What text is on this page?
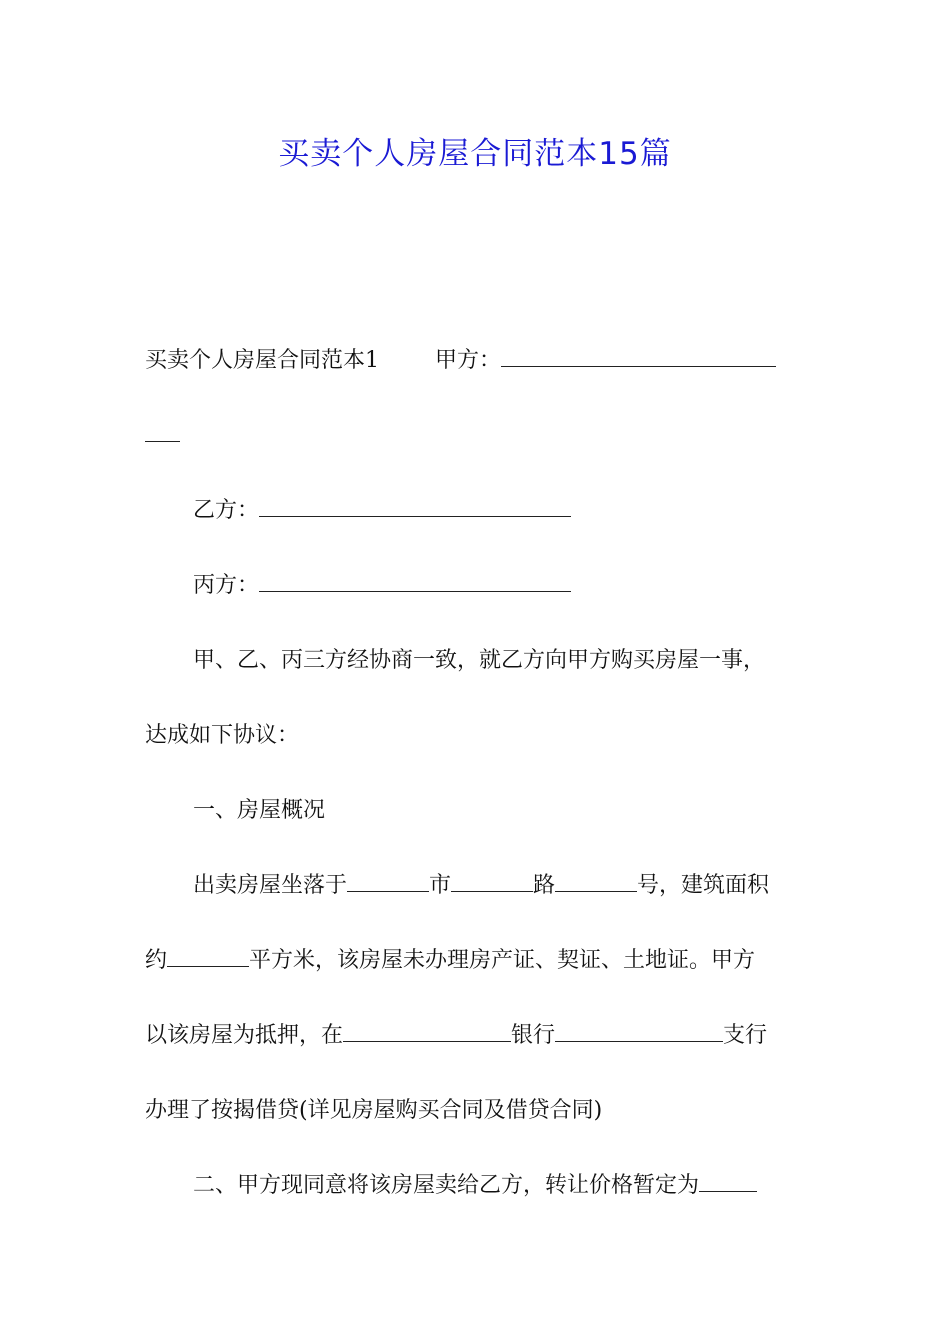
买卖个人房屋合同范本15篇
买卖个人房屋合同范本1	甲方：
乙方：
丙方：
甲、乙、丙三方经协商一致，就乙方向甲方购买房屋一事，
达成如下协议：
一、房屋概况
出卖房屋坐落于	市	路	号，建筑面积
约	平方米，该房屋未办理房产证、契证、土地证。甲方
以该房屋为抵押，在	银行	支行
办理了按揭借贷(详见房屋购买合同及借贷合同)
二、甲方现同意将该房屋卖给乙方，转让价格暂定为
